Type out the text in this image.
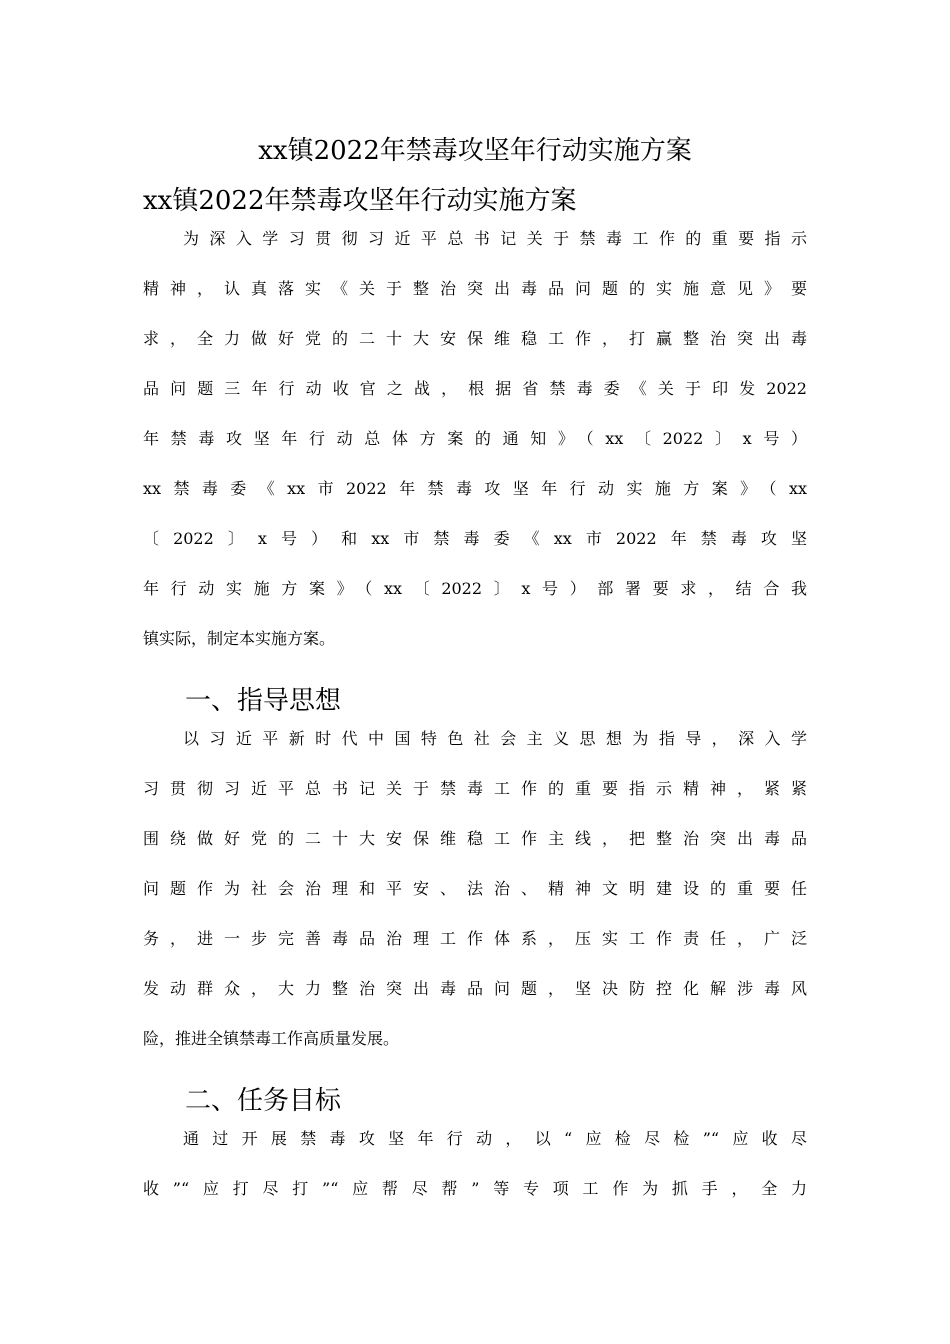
xx镇2022年禁毒攻坚年行动实施方案
xx镇2022年禁毒攻坚年行动实施方案
为深入学习贯彻习近平总书记关于禁毒工作的重要指示
精神，认真落实《关于整治突出毒品问题的实施意见》要
求，全力做好党的二十大安保维稳工作，打赢整治突出毒
品问题三年行动收官之战，根据省禁毒委《关于印发2022
年禁毒攻坚年行动总体方案的通知》（xx〔2022〕x号）
xx禁毒委《xx市2022年禁毒攻坚年行动实施方案》（xx
〔2022〕x号）和xx市禁毒委《xx市2022年禁毒攻坚
年行动实施方案》（xx〔2022〕x号）部署要求，结合我
镇实际，制定本实施方案。
一、指导思想
以习近平新时代中国特色社会主义思想为指导，深入学
习贯彻习近平总书记关于禁毒工作的重要指示精神，紧紧
围绕做好党的二十大安保维稳工作主线，把整治突出毒品
问题作为社会治理和平安、法治、精神文明建设的重要任
务，进一步完善毒品治理工作体系，压实工作责任，广泛
发动群众，大力整治突出毒品问题，坚决防控化解涉毒风
险，推进全镇禁毒工作高质量发展。
二、任务目标
通过开展禁毒攻坚年行动，以“应检尽检”“应收尽
收”“应打尽打”“应帮尽帮”等专项工作为抓手，全力
